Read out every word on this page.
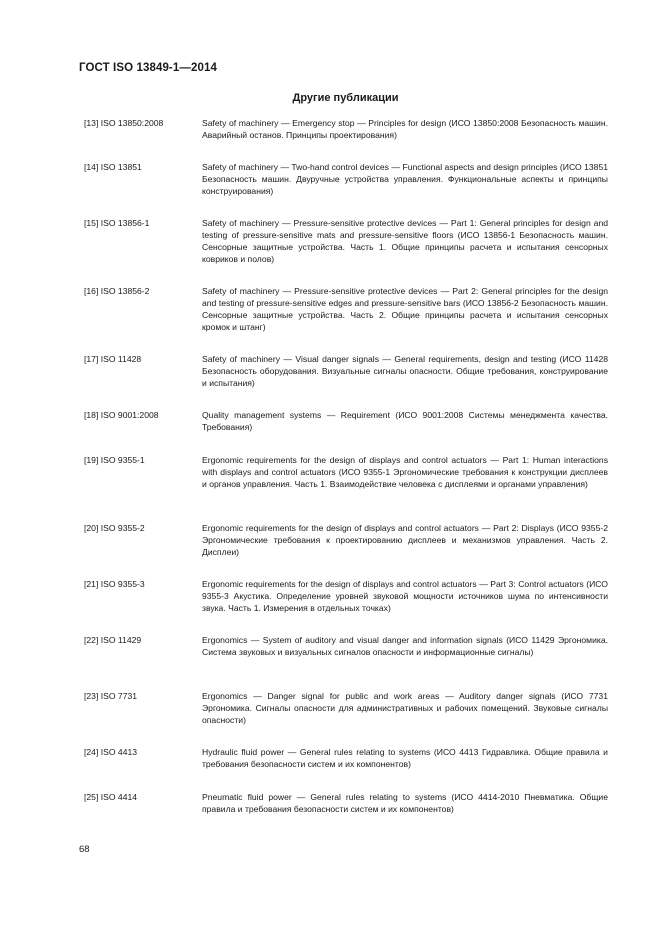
ГОСТ ISO 13849-1—2014
Другие публикации
[13] ISO 13850:2008	Safety of machinery — Emergency stop — Principles for design (ИСО 13850:2008 Безопасность машин. Аварийный останов. Принципы проектирования)
[14] ISO 13851	Safety of machinery — Two-hand control devices — Functional aspects and design principles (ИСО 13851 Безопасность машин. Двуручные устройства управления. Функциональные аспекты и принципы конструирования)
[15] ISO 13856-1	Safety of machinery — Pressure-sensitive protective devices — Part 1: General principles for design and testing of pressure-sensitive mats and pressure-sensitive floors (ИСО 13856-1 Безопасность машин. Сенсорные защитные устройства. Часть 1. Общие принципы расчета и испытания сенсорных ковриков и полов)
[16] ISO 13856-2	Safety of machinery — Pressure-sensitive protective devices — Part 2: General principles for the design and testing of pressure-sensitive edges and pressure-sensitive bars (ИСО 13856-2 Безопасность машин. Сенсорные защитные устройства. Часть 2. Общие принципы расчета и испытания сенсорных кромок и штанг)
[17] ISO 11428	Safety of machinery — Visual danger signals — General requirements, design and testing (ИСО 11428 Безопасность оборудования. Визуальные сигналы опасности. Общие требования, конструирование и испытания)
[18] ISO 9001:2008	Quality management systems — Requirement (ИСО 9001:2008 Системы менеджмента качества. Требования)
[19] ISO 9355-1	Ergonomic requirements for the design of displays and control actuators — Part 1: Human interactions with displays and control actuators (ИСО 9355-1 Эргономические требования к конструкции дисплеев и органов управления. Часть 1. Взаимодействие человека с дисплеями и органами управления)
[20] ISO 9355-2	Ergonomic requirements for the design of displays and control actuators — Part 2: Displays (ИСО 9355-2 Эргономические требования к проектированию дисплеев и механизмов управления. Часть 2. Дисплеи)
[21] ISO 9355-3	Ergonomic requirements for the design of displays and control actuators — Part 3: Control actuators (ИСО 9355-3 Акустика. Определение уровней звуковой мощности источников шума по интенсивности звука. Часть 1. Измерения в отдельных точках)
[22] ISO 11429	Ergonomics — System of auditory and visual danger and information signals (ИСО 11429 Эргономика. Система звуковых и визуальных сигналов опасности и информационные сигналы)
[23] ISO 7731	Ergonomics — Danger signal for public and work areas — Auditory danger signals (ИСО 7731 Эргономика. Сигналы опасности для административных и рабочих помещений. Звуковые сигналы опасности)
[24] ISO 4413	Hydraulic fluid power — General rules relating to systems (ИСО 4413 Гидравлика. Общие правила и требования безопасности систем и их компонентов)
[25] ISO 4414	Pneumatic fluid power — General rules relating to systems (ИСО 4414-2010 Пневматика. Общие правила и требования безопасности систем и их компонентов)
68
